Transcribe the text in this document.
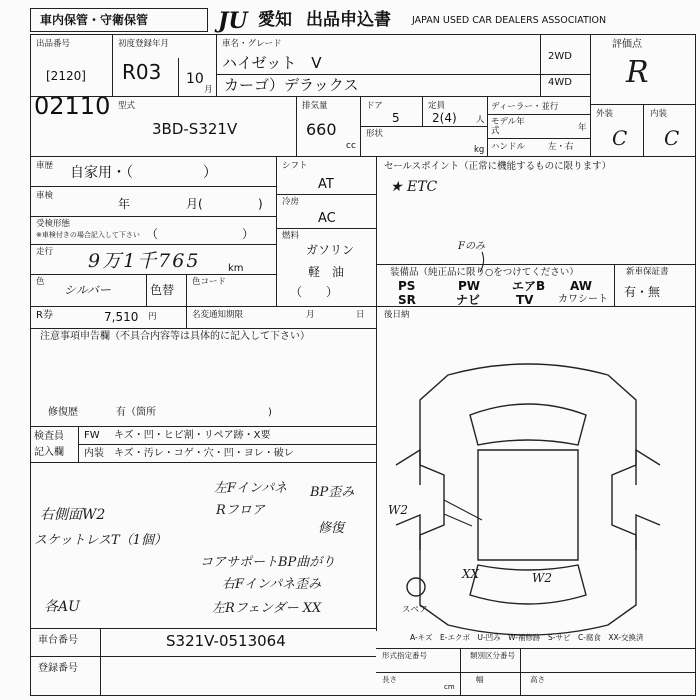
車内保管・守衛保管	JU 愛知 出品申込書 JAPAN USED CAR DEALERS ASSOCIATION
出品番号
[2120]
02110
初度登録年月
R03 10
月
車名・グレード
ハイゼット　V
カーゴ）デラックス
2WD
4WD
評価点
R
外装	内装
C C
型式
3BD-S321V
排気量
660
cc
ドア
5
定員
2(4) 人
形状
kg
ディーラー・並行
モデル年式	年
ハンドル	左・右
車歴 自家用・（　　　　　）
車検
年	月(	)
受検形態
※車検付きの場合記入して下さい （　　　　　　　）
走行 9万1千765	km
色
シルバー	色替
色コード
シフト
AT
冷房
AC
燃料
ガソリン
軽　油
（　　）
セールスポイント（正常に機能するものに限ります）
★ ETC
Fのみ
装備品（純正品に限り○をつけてください）
PS	PW	エアB AW
SR	ナビ	TV カワシート
新車保証書
有・無
R券	7,510 円	名変通知期限	月	日 後日納
注意事項申告欄（不具合内容等は具体的に記入して下さい）
修復歴	有（箇所	)
検査員
記入欄
FW キズ・凹・ヒビ割・リペア跡・X要
内装 キズ・汚レ・コゲ・穴・凹・ヨレ・破レ
左Fインパネ BP歪み
右側面W2	Rフロア
スケットレスT（1個）
修復
コアサポートBP曲がり
右Fインパネ歪み
各AU	左Rフェンダー XX
W2
XX	W2
スペア
A-キズ　E-エクボ　U-凹み　W-補修跡　S-サビ　C-腐食　XX-交換済
車台番号	S321V-0513064
登録番号
形式指定番号	類別区分番号
長さ
cm
幅	高さ
